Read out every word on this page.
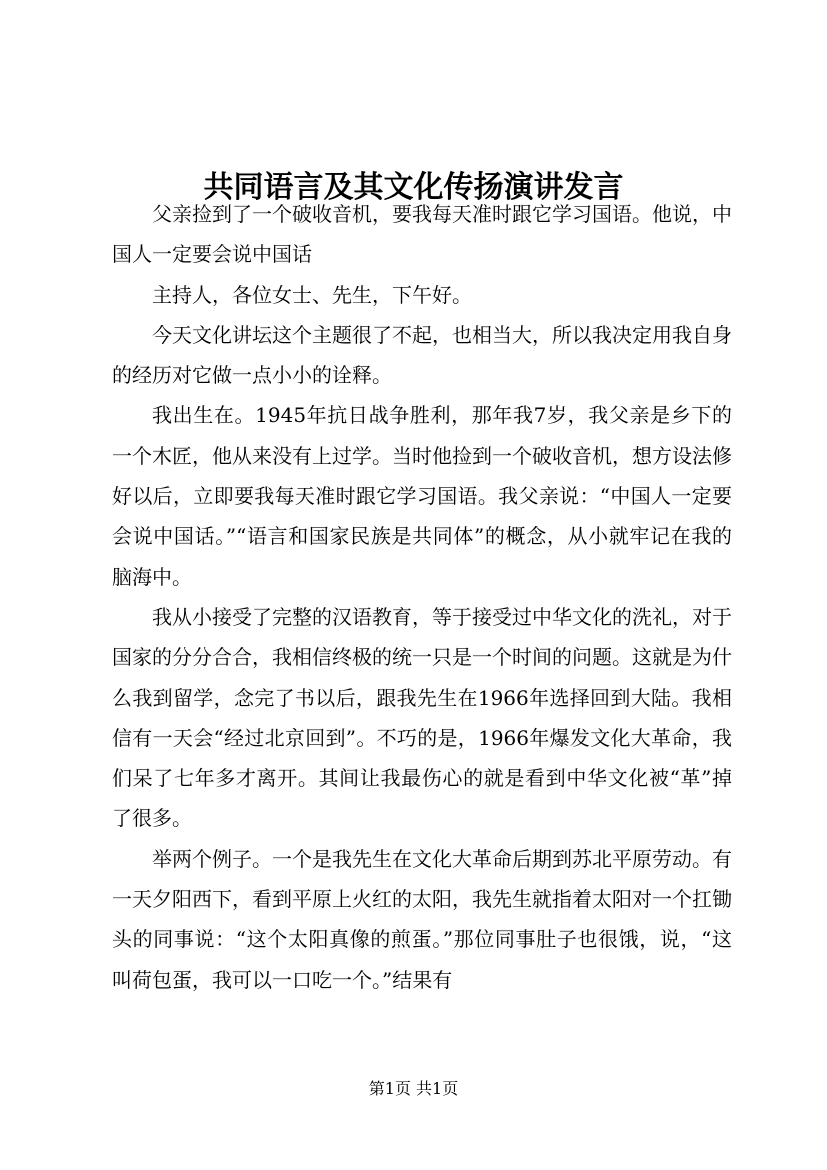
共同语言及其文化传扬演讲发言

父亲捡到了一个破收音机，要我每天准时跟它学习国语。他说，中国人一定要会说中国话

主持人，各位女士、先生，下午好。

今天文化讲坛这个主题很了不起，也相当大，所以我决定用我自身的经历对它做一点小小的诠释。

我出生在。1945年抗日战争胜利，那年我7岁，我父亲是乡下的一个木匠，他从来没有上过学。当时他捡到一个破收音机，想方设法修好以后，立即要我每天准时跟它学习国语。我父亲说：“中国人一定要会说中国话。”“语言和国家民族是共同体”的概念，从小就牢记在我的脑海中。

我从小接受了完整的汉语教育，等于接受过中华文化的洗礼，对于国家的分分合合，我相信终极的统一只是一个时间的问题。这就是为什么我到留学，念完了书以后，跟我先生在1966年选择回到大陆。我相信有一天会“经过北京回到”。不巧的是，1966年爆发文化大革命，我们呆了七年多才离开。其间让我最伤心的就是看到中华文化被“革”掉了很多。

举两个例子。一个是我先生在文化大革命后期到苏北平原劳动。有一天夕阳西下，看到平原上火红的太阳，我先生就指着太阳对一个扛锄头的同事说：“这个太阳真像的煎蛋。”那位同事肚子也很饿，说，“这叫荷包蛋，我可以一口吃一个。”结果有

第1页 共1页
